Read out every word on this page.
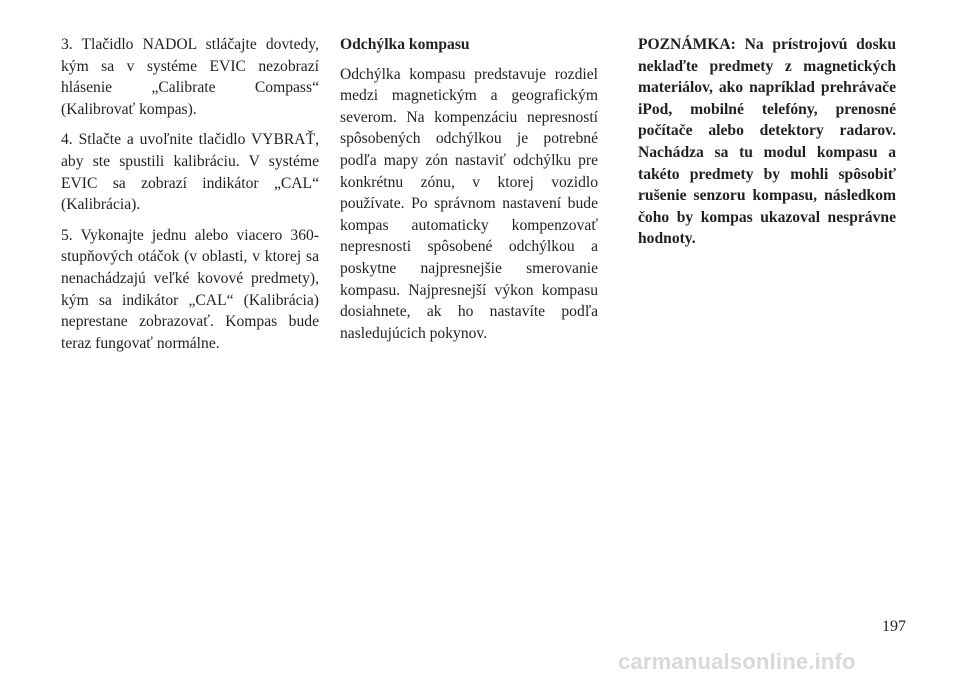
3. Tlačidlo NADOL stláčajte dovtedy, kým sa v systéme EVIC nezobrazí hlásenie „Calibrate Compass“ (Kalibrovať kompas).

4. Stlačte a uvoľnite tlačidlo VYBRAŤ, aby ste spustili kalibráciu. V systéme EVIC sa zobrazí indikátor „CAL“ (Kalibrácia).

5. Vykonajte jednu alebo viacero 360-stupňových otáčok (v oblasti, v ktorej sa nenachádzajú veľké kovové predmety), kým sa indikátor „CAL“ (Kalibrácia) neprestane zobrazovať. Kompas bude teraz fungovať normálne.

Odchýlka kompasu

Odchýlka kompasu predstavuje rozdiel medzi magnetickým a geografickým severom. Na kompenzáciu nepresností spôsobených odchýlkou je potrebné podľa mapy zón nastaviť odchýlku pre konkrétnu zónu, v ktorej vozidlo používate. Po správnom nastavení bude kompas automaticky kompenzovať nepresnosti spôsobené odchýlkou a poskytne najpresnejšie smerovanie kompasu. Najpresnejší výkon kompasu dosiahnete, ak ho nastavíte podľa nasledujúcich pokynov.

POZNÁMKA: Na prístrojovú dosku neklaďte predmety z magnetických materiálov, ako napríklad prehrávače iPod, mobilné telefóny, prenosné počítače alebo detektory radarov. Nachádza sa tu modul kompasu a takéto predmety by mohli spôsobiť rušenie senzoru kompasu, následkom čoho by kompas ukazoval nesprávne hodnoty.

197
carmanualsonline.info
